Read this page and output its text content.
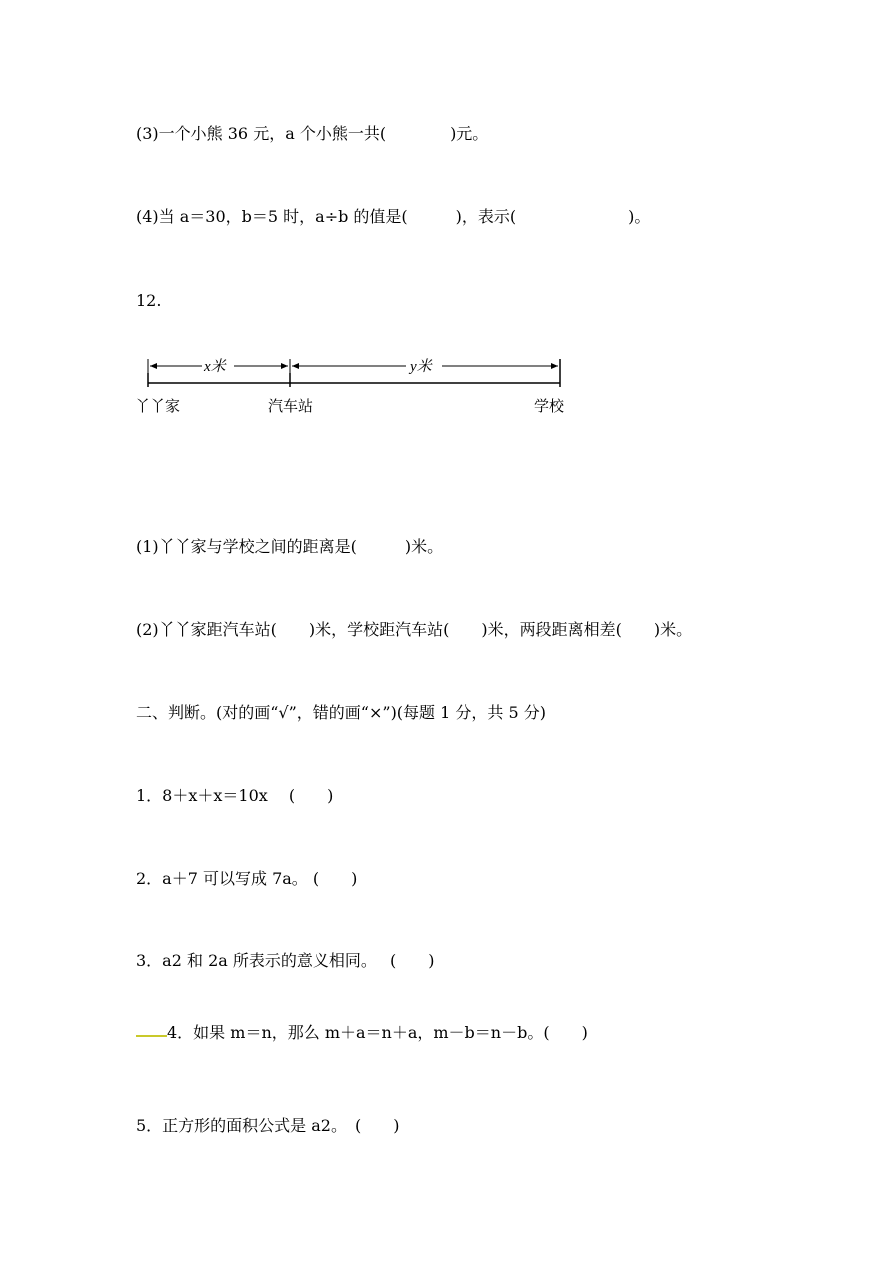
(3)一个小熊 36 元，a 个小熊一共(　　　　)元。
(4)当 a＝30，b＝5 时，a÷b 的值是(　　　)，表示(　　　　　　　)。
12.
x米	y米
丫丫家	汽车站	学校
(1)丫丫家与学校之间的距离是(　　　)米。
(2)丫丫家距汽车站(　　)米，学校距汽车站(　　)米，两段距离相差(　　)米。
二、判断。(对的画“√”，错的画“×”)(每题 1 分，共 5 分)
1．8＋x＋x＝10x　 (　　)
2．a＋7 可以写成 7a。 (　　)
3．a2 和 2a 所表示的意义相同。　 (　　)
4．如果 m＝n，那么 m＋a＝n＋a，m－b＝n－b。(　　)
5．正方形的面积公式是 a2。　(　　)
